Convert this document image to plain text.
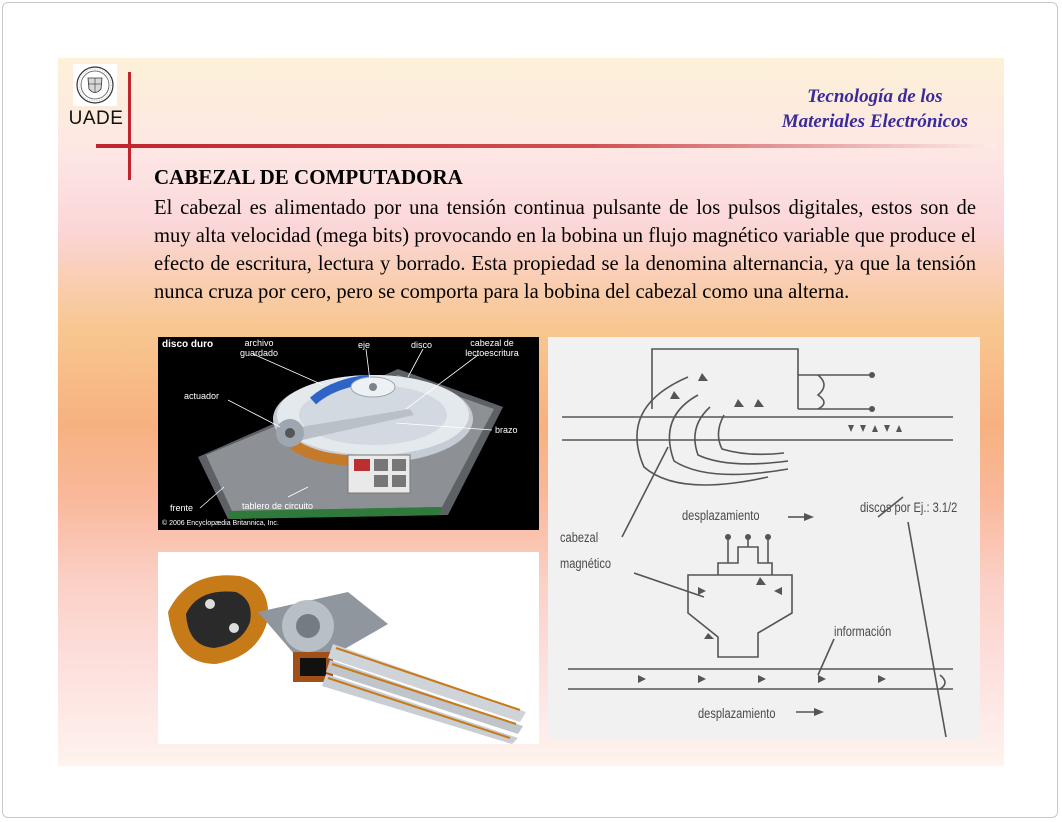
UADE
Tecnología de los
Materiales Electrónicos
CABEZAL DE COMPUTADORA
El cabezal es alimentado por una tensión continua pulsante de los pulsos digitales, estos son de muy alta velocidad (mega bits) provocando en la bobina un flujo magnético variable que produce el efecto de escritura, lectura y borrado. Esta propiedad se la denomina alternancia, ya que la tensión nunca cruza por cero, pero se comporta para la bobina del cabezal como una alterna.
disco duro	archivo guardado
eje	disco	cabezal de lectoescritura
actuador
brazo
frente	tablero de circuito
© 2006 Encyclopædia Britannica, Inc.
desplazamiento
discos por Ej.: 3.1/2
cabezal
magnético
información
desplazamiento
